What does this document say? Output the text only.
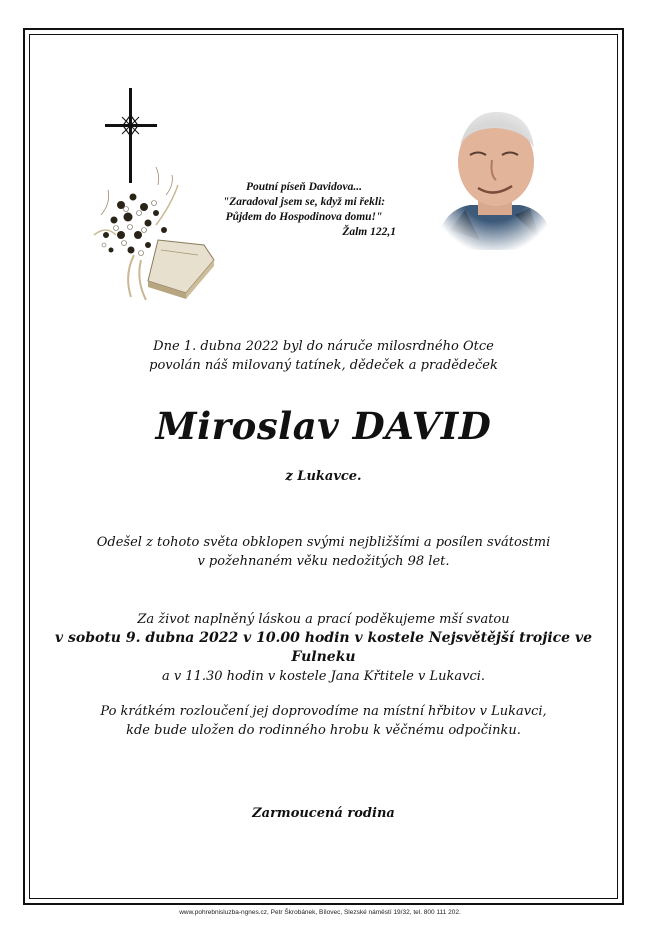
Poutní píseň Davidova...
"Zaradoval jsem se, když mi řekli:
Půjdem do Hospodinova domu!"
Žalm 122,1
Dne 1. dubna 2022 byl do náruče milosrdného Otce
povolán náš milovaný tatínek, dědeček a pradědeček
Miroslav DAVID
z Lukavce.
Odešel z tohoto světa obklopen svými nejbližšími a posílen svátostmi
v požehnaném věku nedožitých 98 let.
Za život naplněný láskou a prací poděkujeme mší svatou
v sobotu 9. dubna 2022 v 10.00 hodin v kostele Nejsvětější trojice ve Fulneku
a v 11.30 hodin v kostele Jana Křtitele v Lukavci.
Po krátkém rozloučení jej doprovodíme na místní hřbitov v Lukavci,
kde bude uložen do rodinného hrobu k věčnému odpočinku.
Zarmoucená rodina
www.pohrebnisluzba-ngnes.cz, Petr Škrobánek, Bílovec, Slezské náměstí 19/32, tel. 800 111 202.
